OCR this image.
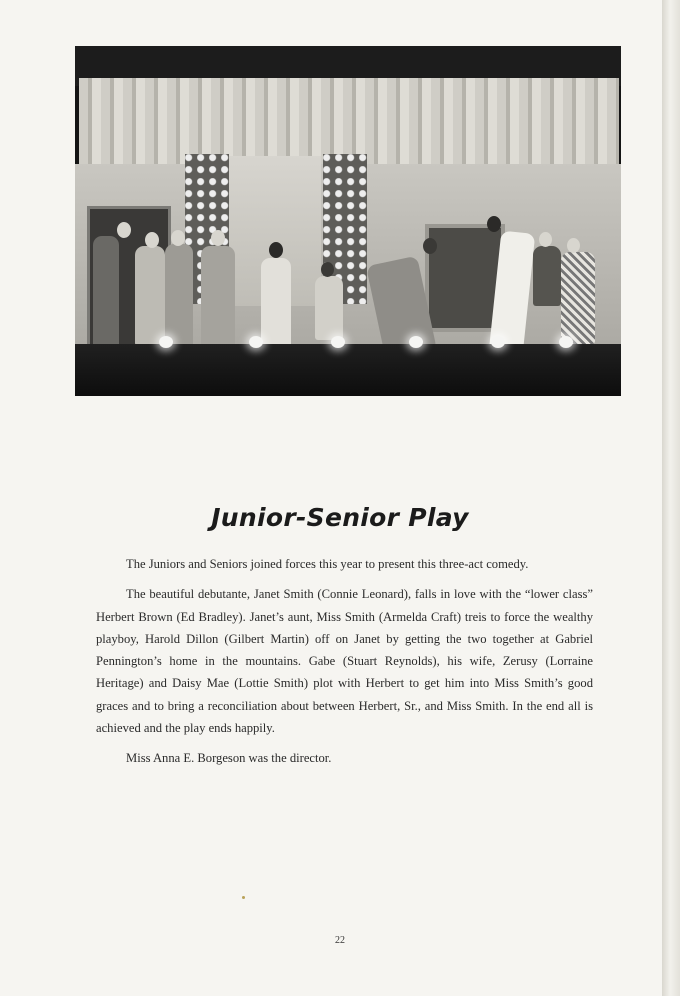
Junior-Senior Play

The Juniors and Seniors joined forces this year to present this three-act comedy.

The beautiful debutante, Janet Smith (Connie Leonard), falls in love with the “lower class” Herbert Brown (Ed Bradley). Janet’s aunt, Miss Smith (Armelda Craft) treis to force the wealthy playboy, Harold Dillon (Gilbert Martin) off on Janet by getting the two together at Gabriel Pennington’s home in the mountains. Gabe (Stuart Reynolds), his wife, Zerusy (Lorraine Heritage) and Daisy Mae (Lottie Smith) plot with Herbert to get him into Miss Smith’s good graces and to bring a reconciliation about between Herbert, Sr., and Miss Smith. In the end all is achieved and the play ends happily.

Miss Anna E. Borgeson was the director.

22
